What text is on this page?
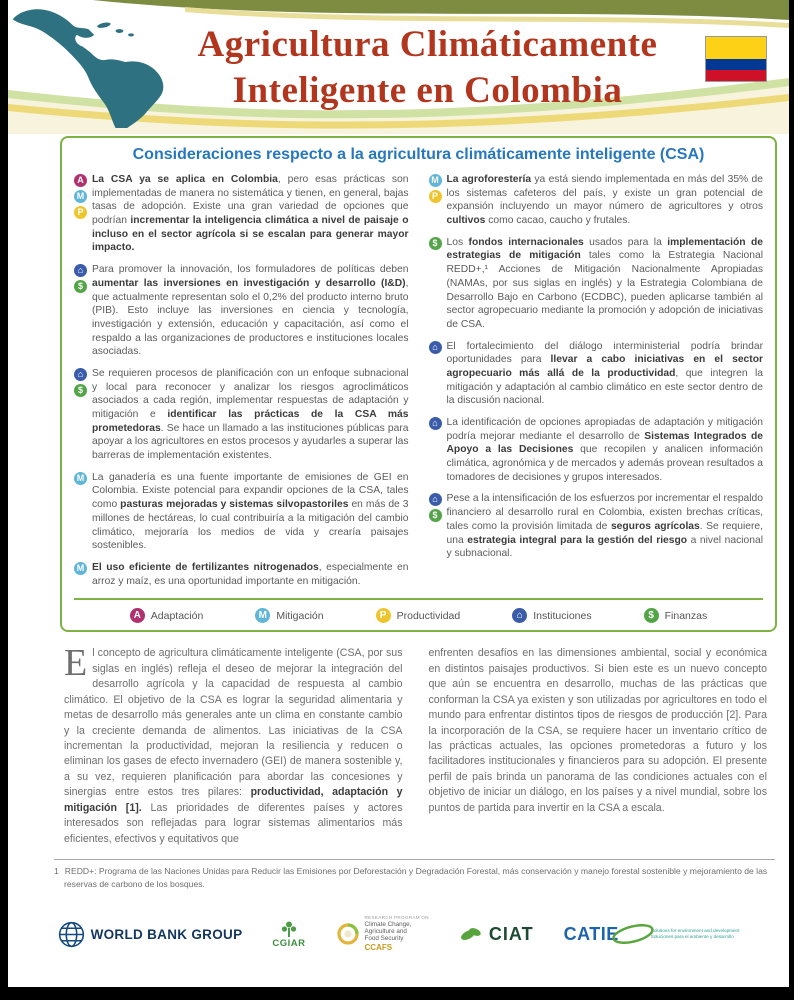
Agricultura Climáticamente
Inteligente en Colombia
Consideraciones respecto a la agricultura climáticamente inteligente (CSA)
A
M
P

La CSA ya se aplica en Colombia, pero esas prácticas son implementadas de manera no sistemática y tienen, en general, bajas tasas de adopción. Existe una gran variedad de opciones que podrían incrementar la inteligencia climática a nivel de paisaje o incluso en el sector agrícola si se escalan para generar mayor impacto.

⌂
$

Para promover la innovación, los formuladores de políticas deben aumentar las inversiones en investigación y desarrollo (I&D), que actualmente representan solo el 0,2% del producto interno bruto (PIB). Esto incluye las inversiones en ciencia y tecnología, investigación y extensión, educación y capacitación, así como el respaldo a las organizaciones de productores e instituciones locales asociadas.

⌂
$

Se requieren procesos de planificación con un enfoque subnacional y local para reconocer y analizar los riesgos agroclimáticos asociados a cada región, implementar respuestas de adaptación y mitigación e identificar las prácticas de la CSA más prometedoras. Se hace un llamado a las instituciones públicas para apoyar a los agricultores en estos procesos y ayudarles a superar las barreras de implementación existentes.

M La ganadería es una fuente importante de emisiones de GEI en Colombia. Existe potencial para expandir opciones de la CSA, tales como pasturas mejoradas y sistemas silvopastoriles en más de 3 millones de hectáreas, lo cual contribuiría a la mitigación del cambio climático, mejoraría los medios de vida y crearía paisajes sostenibles.

M El uso eficiente de fertilizantes nitrogenados, especialmente en arroz y maíz, es una oportunidad importante en mitigación.

M
P

La agroforestería ya está siendo implementada en más del 35% de los sistemas cafeteros del país, y existe un gran potencial de expansión incluyendo un mayor número de agricultores y otros cultivos como cacao, caucho y frutales.

$ Los fondos internacionales usados para la implementación de estrategias de mitigación tales como la Estrategia Nacional REDD+,¹ Acciones de Mitigación Nacionalmente Apropiadas (NAMAs, por sus siglas en inglés) y la Estrategia Colombiana de Desarrollo Bajo en Carbono (ECDBC), pueden aplicarse también al sector agropecuario mediante la promoción y adopción de iniciativas de CSA.

⌂ El fortalecimiento del diálogo interministerial podría brindar oportunidades para llevar a cabo iniciativas en el sector agropecuario más allá de la productividad, que integren la mitigación y adaptación al cambio climático en este sector dentro de la discusión nacional.

⌂ La identificación de opciones apropiadas de adaptación y mitigación podría mejorar mediante el desarrollo de Sistemas Integrados de Apoyo a las Decisiones que recopilen y analicen información climática, agronómica y de mercados y además provean resultados a tomadores de decisiones y grupos interesados.

⌂
$

Pese a la intensificación de los esfuerzos por incrementar el respaldo financiero al desarrollo rural en Colombia, existen brechas críticas, tales como la provisión limitada de seguros agrícolas. Se requiere, una estrategia integral para la gestión del riesgo a nivel nacional y subnacional.

A Adaptación	M Mitigación	P Productividad	⌂ Instituciones	$	Finanzas

El concepto de agricultura climáticamente inteligente (CSA, por sus siglas en inglés) refleja el deseo de mejorar la integración del desarrollo agrícola y la capacidad de respuesta al cambio climático. El objetivo de la CSA es lograr la seguridad alimentaria y metas de desarrollo más generales ante un clima en constante cambio y la creciente demanda de alimentos. Las iniciativas de la CSA incrementan la productividad, mejoran la resiliencia y reducen o eliminan los gases de efecto invernadero (GEI) de manera sostenible y, a su vez, requieren planificación para abordar las concesiones y sinergias entre estos tres pilares: productividad, adaptación y mitigación [1]. Las prioridades de diferentes países y actores interesados son reflejadas para lograr sistemas alimentarios más eficientes, efectivos y equitativos que

enfrenten desafíos en las dimensiones ambiental, social y económica en distintos paisajes productivos. Si bien este es un nuevo concepto que aún se encuentra en desarrollo, muchas de las prácticas que conforman la CSA ya existen y son utilizadas por agricultores en todo el mundo para enfrentar distintos tipos de riesgos de producción [2]. Para la incorporación de la CSA, se requiere hacer un inventario crítico de las prácticas actuales, las opciones prometedoras a futuro y los facilitadores institucionales y financieros para su adopción. El presente perfil de país brinda un panorama de las condiciones actuales con el objetivo de iniciar un diálogo, en los países y a nivel mundial, sobre los puntos de partida para invertir en la CSA a escala.

1 REDD+: Programa de las Naciones Unidas para Reducir las Emisiones por Deforestación y Degradación Forestal, más conservación y manejo forestal sostenible y mejoramiento de las reservas de carbono de los bosques.
WORLD BANK GROUP
CGIAR
RESEARCH PROGRAM ON
Climate Change,
Agriculture and
Food Security
CCAFS
CIAT CATIE	Solutions for environment and development
Soluciones para el ambiente y desarrollo
